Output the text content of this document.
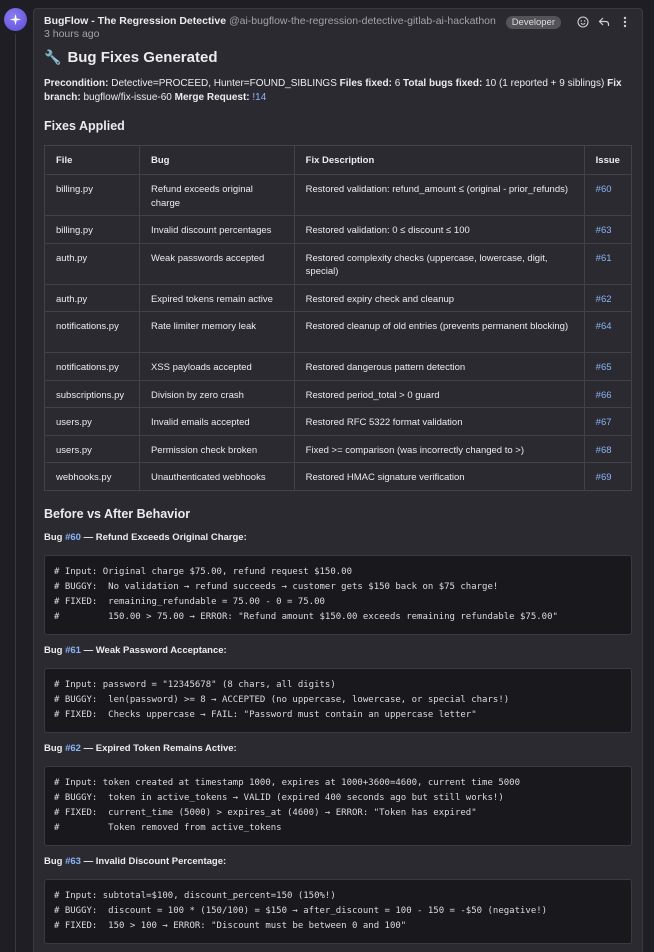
BugFlow - The Regression Detective @ai-bugflow-the-regression-detective-gitlab-ai-hackathon
3 hours ago
Developer
🔧 Bug Fixes Generated
Precondition: Detective=PROCEED, Hunter=FOUND_SIBLINGS Files fixed: 6 Total bugs fixed: 10 (1 reported + 9 siblings) Fix branch: bugflow/fix-issue-60 Merge Request: !14
Fixes Applied
File	Bug	Fix Description	Issue
billing.py	Refund exceeds original charge	Restored validation: refund_amount ≤ (original - prior_refunds)	#60
billing.py	Invalid discount percentages	Restored validation: 0 ≤ discount ≤ 100	#63
auth.py	Weak passwords accepted	Restored complexity checks (uppercase, lowercase, digit, special)	#61
auth.py	Expired tokens remain active	Restored expiry check and cleanup	#62
notifications.py	Rate limiter memory leak	Restored cleanup of old entries (prevents permanent blocking)	#64
notifications.py	XSS payloads accepted	Restored dangerous pattern detection	#65
subscriptions.py	Division by zero crash	Restored period_total > 0 guard	#66
users.py	Invalid emails accepted	Restored RFC 5322 format validation	#67
users.py	Permission check broken	Fixed >= comparison (was incorrectly changed to >)	#68
webhooks.py	Unauthenticated webhooks	Restored HMAC signature verification	#69
Before vs After Behavior
Bug #60 — Refund Exceeds Original Charge:
# Input: Original charge $75.00, refund request $150.00
# BUGGY:  No validation → refund succeeds → customer gets $150 back on $75 charge!
# FIXED:  remaining_refundable = 75.00 - 0 = 75.00
#         150.00 > 75.00 → ERROR: "Refund amount $150.00 exceeds remaining refundable $75.00"
Bug #61 — Weak Password Acceptance:
# Input: password = "12345678" (8 chars, all digits)
# BUGGY:  len(password) >= 8 → ACCEPTED (no uppercase, lowercase, or special chars!)
# FIXED:  Checks uppercase → FAIL: "Password must contain an uppercase letter"
Bug #62 — Expired Token Remains Active:
# Input: token created at timestamp 1000, expires at 1000+3600=4600, current time 5000
# BUGGY:  token in active_tokens → VALID (expired 400 seconds ago but still works!)
# FIXED:  current_time (5000) > expires_at (4600) → ERROR: "Token has expired"
#         Token removed from active_tokens
Bug #63 — Invalid Discount Percentage:
# Input: subtotal=$100, discount_percent=150 (150%!)
# BUGGY:  discount = 100 * (150/100) = $150 → after_discount = 100 - 150 = -$50 (negative!)
# FIXED:  150 > 100 → ERROR: "Discount must be between 0 and 100"
